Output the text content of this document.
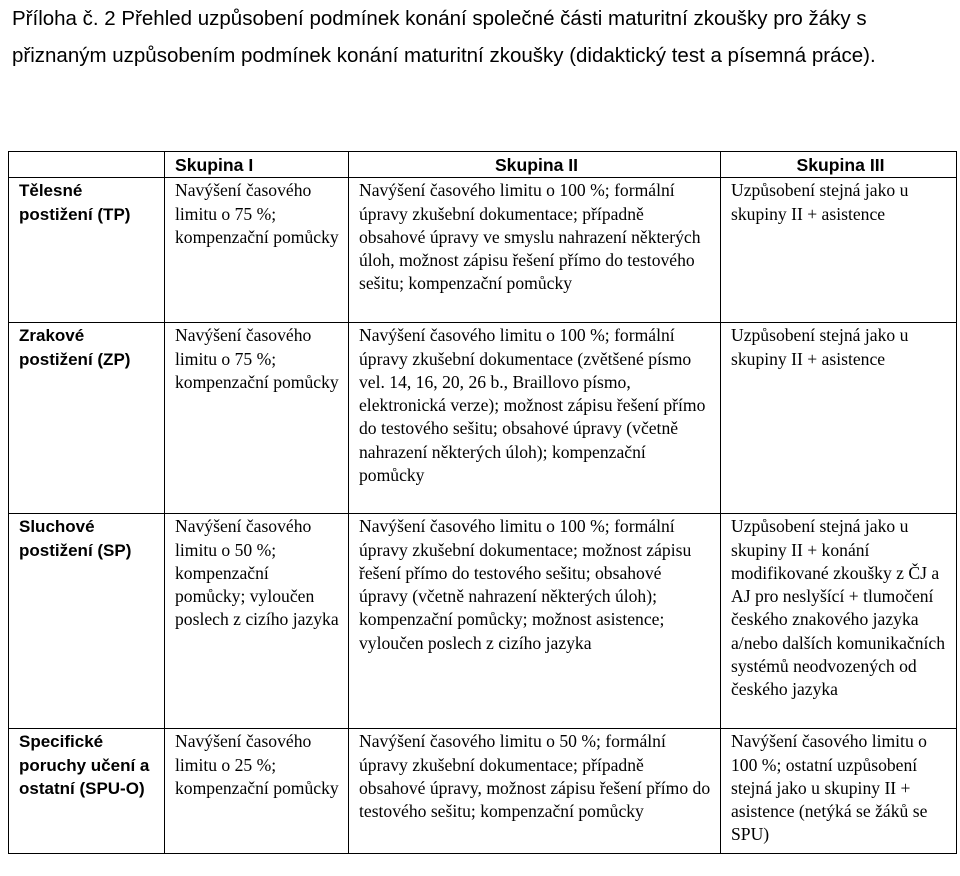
Příloha č. 2 Přehled uzpůsobení podmínek konání společné části maturitní zkoušky pro žáky s přiznaným uzpůsobením podmínek konání maturitní zkoušky (didaktický test a písemná práce).

	Skupina I	Skupina II	Skupina III
Tělesné postižení (TP)	Navýšení časového limitu o 75 %; kompenzační pomůcky	Navýšení časového limitu o 100 %; formální úpravy zkušební dokumentace; případně obsahové úpravy ve smyslu nahrazení některých úloh, možnost zápisu řešení přímo do testového sešitu; kompenzační pomůcky	Uzpůsobení stejná jako u skupiny II + asistence
Zrakové postižení (ZP)	Navýšení časového limitu o 75 %; kompenzační pomůcky	Navýšení časového limitu o 100 %; formální úpravy zkušební dokumentace (zvětšené písmo vel. 14, 16, 20, 26 b., Braillovo písmo, elektronická verze); možnost zápisu řešení přímo do testového sešitu; obsahové úpravy (včetně nahrazení některých úloh); kompenzační pomůcky	Uzpůsobení stejná jako u skupiny II + asistence
Sluchové postižení (SP)	Navýšení časového limitu o 50 %; kompenzační pomůcky; vyloučen poslech z cizího jazyka	Navýšení časového limitu o 100 %; formální úpravy zkušební dokumentace; možnost zápisu řešení přímo do testového sešitu; obsahové úpravy (včetně nahrazení některých úloh); kompenzační pomůcky; možnost asistence; vyloučen poslech z cizího jazyka	Uzpůsobení stejná jako u skupiny II + konání modifikované zkoušky z ČJ a AJ pro neslyšící + tlumočení českého znakového jazyka a/nebo dalších komunikačních systémů neodvozených od českého jazyka
Specifické poruchy učení a ostatní (SPU-O)	Navýšení časového limitu o 25 %; kompenzační pomůcky	Navýšení časového limitu o 50 %; formální úpravy zkušební dokumentace; případně obsahové úpravy, možnost zápisu řešení přímo do testového sešitu; kompenzační pomůcky	Navýšení časového limitu o 100 %; ostatní uzpůsobení stejná jako u skupiny II + asistence (netýká se žáků se SPU)
